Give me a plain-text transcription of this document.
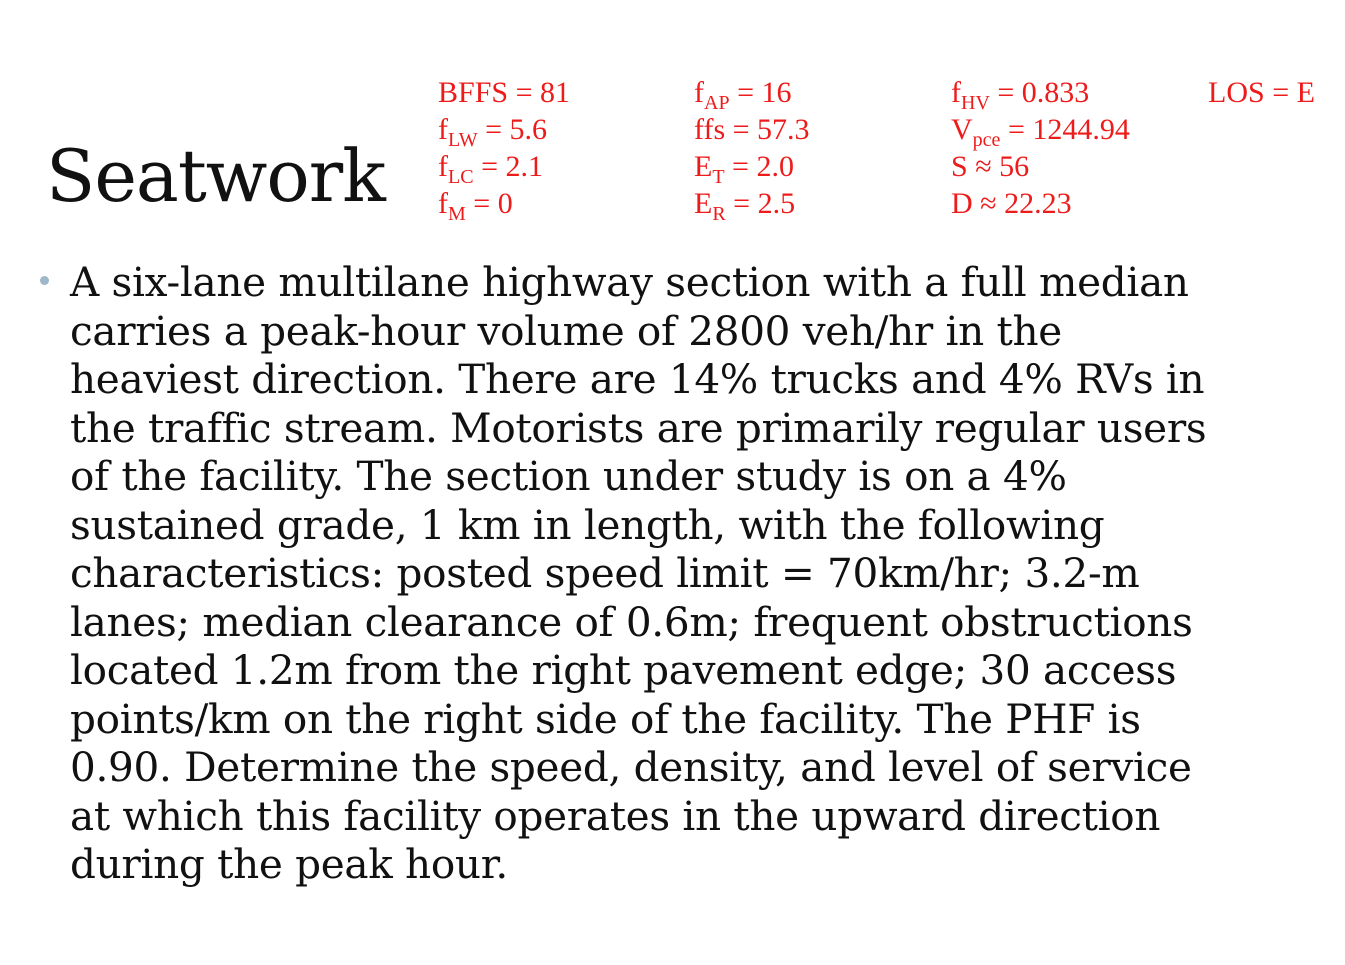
Seatwork
BFFS = 81
$f_{LW} = 5.6$
$f_{LC} = 2.1$
$f_M = 0$
$f_{AP} = 16$
ffs = 57.3
$E_T = 2.0$
$E_R = 2.5$
$f_{HV} = 0.833$
$V_{pce} = 1244.94$
S ≈ 56
D ≈ 22.23
LOS = E
A six-lane multilane highway section with a full median
carries a peak-hour volume of 2800 veh/hr in the
heaviest direction. There are 14% trucks and 4% RVs in
the traffic stream. Motorists are primarily regular users
of the facility. The section under study is on a 4%
sustained grade, 1 km in length, with the following
characteristics: posted speed limit = 70km/hr; 3.2-m
lanes; median clearance of 0.6m; frequent obstructions
located 1.2m from the right pavement edge; 30 access
points/km on the right side of the facility. The PHF is
0.90. Determine the speed, density, and level of service
at which this facility operates in the upward direction
during the peak hour.
